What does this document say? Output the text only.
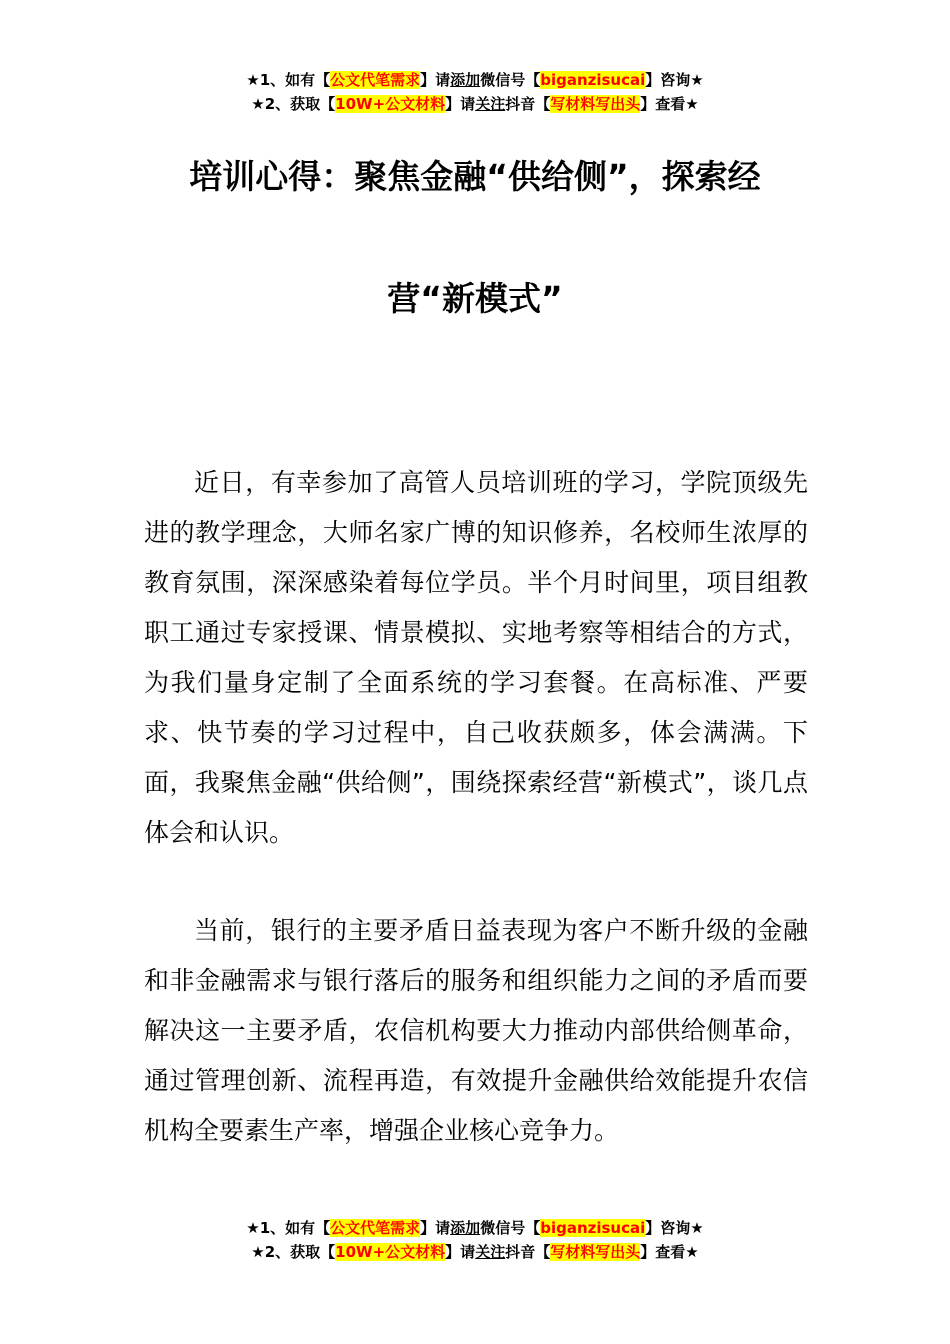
★1、如有【公文代笔需求】请添加微信号【biganzisucai】咨询★
★2、获取【10W+公文材料】请关注抖音【写材料写出头】查看★
培训心得：聚焦金融“供给侧”，探索经
营“新模式”

近日，有幸参加了高管人员培训班的学习，学院顶级先进的教学理念，大师名家广博的知识修养，名校师生浓厚的教育氛围，深深感染着每位学员。半个月时间里，项目组教职工通过专家授课、情景模拟、实地考察等相结合的方式，为我们量身定制了全面系统的学习套餐。在高标准、严要求、快节奏的学习过程中，自己收获颇多，体会满满。下面，我聚焦金融“供给侧”，围绕探索经营“新模式”，谈几点体会和认识。

当前，银行的主要矛盾日益表现为客户不断升级的金融和非金融需求与银行落后的服务和组织能力之间的矛盾而要解决这一主要矛盾，农信机构要大力推动内部供给侧革命，通过管理创新、流程再造，有效提升金融供给效能提升农信机构全要素生产率，增强企业核心竞争力。

★1、如有【公文代笔需求】请添加微信号【biganzisucai】咨询★
★2、获取【10W+公文材料】请关注抖音【写材料写出头】查看★
